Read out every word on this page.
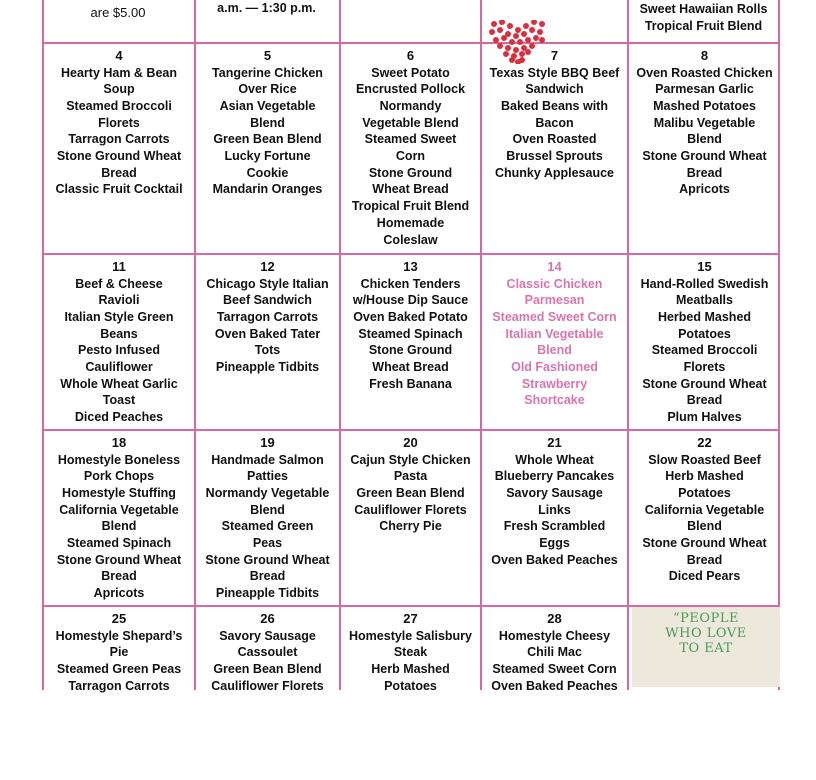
are $5.00	a.m. — 1:30 p.m.	Sweet Hawaiian Rolls
Tropical Fruit Blend
4
Hearty Ham & Bean
Soup
Steamed Broccoli
Florets
Tarragon Carrots
Stone Ground Wheat
Bread
Classic Fruit Cocktail
5
Tangerine Chicken
Over Rice
Asian Vegetable
Blend
Green Bean Blend
Lucky Fortune
Cookie
Mandarin Oranges
6
Sweet Potato
Encrusted Pollock
Normandy
Vegetable Blend
Steamed Sweet
Corn
Stone Ground
Wheat Bread
Tropical Fruit Blend
Homemade
Coleslaw
7
Texas Style BBQ Beef
Sandwich
Baked Beans with
Bacon
Oven Roasted
Brussel Sprouts
Chunky Applesauce
8
Oven Roasted Chicken
Parmesan Garlic
Mashed Potatoes
Malibu Vegetable
Blend
Stone Ground Wheat
Bread
Apricots
11
Beef & Cheese
Ravioli
Italian Style Green
Beans
Pesto Infused
Cauliflower
Whole Wheat Garlic
Toast
Diced Peaches
12
Chicago Style Italian
Beef Sandwich
Tarragon Carrots
Oven Baked Tater
Tots
Pineapple Tidbits
13
Chicken Tenders
w/House Dip Sauce
Oven Baked Potato
Steamed Spinach
Stone Ground
Wheat Bread
Fresh Banana
14
Classic Chicken
Parmesan
Steamed Sweet Corn
Italian Vegetable
Blend
Old Fashioned
Strawberry
Shortcake
15
Hand-Rolled Swedish
Meatballs
Herbed Mashed
Potatoes
Steamed Broccoli
Florets
Stone Ground Wheat
Bread
Plum Halves
18
Homestyle Boneless
Pork Chops
Homestyle Stuffing
California Vegetable
Blend
Steamed Spinach
Stone Ground Wheat
Bread
Apricots
19
Handmade Salmon
Patties
Normandy Vegetable
Blend
Steamed Green
Peas
Stone Ground Wheat
Bread
Pineapple Tidbits
20
Cajun Style Chicken
Pasta
Green Bean Blend
Cauliflower Florets
Cherry Pie
21
Whole Wheat
Blueberry Pancakes
Savory Sausage
Links
Fresh Scrambled
Eggs
Oven Baked Peaches
22
Slow Roasted Beef
Herb Mashed
Potatoes
California Vegetable
Blend
Stone Ground Wheat
Bread
Diced Pears
25
Homestyle Shepard’s
Pie
Steamed Green Peas
Tarragon Carrots
26
Savory Sausage
Cassoulet
Green Bean Blend
Cauliflower Florets
27
Homestyle Salisbury
Steak
Herb Mashed
Potatoes
28
Homestyle Cheesy
Chili Mac
Steamed Sweet Corn
Oven Baked Peaches
“PEOPLE
WHO LOVE
TO EAT
